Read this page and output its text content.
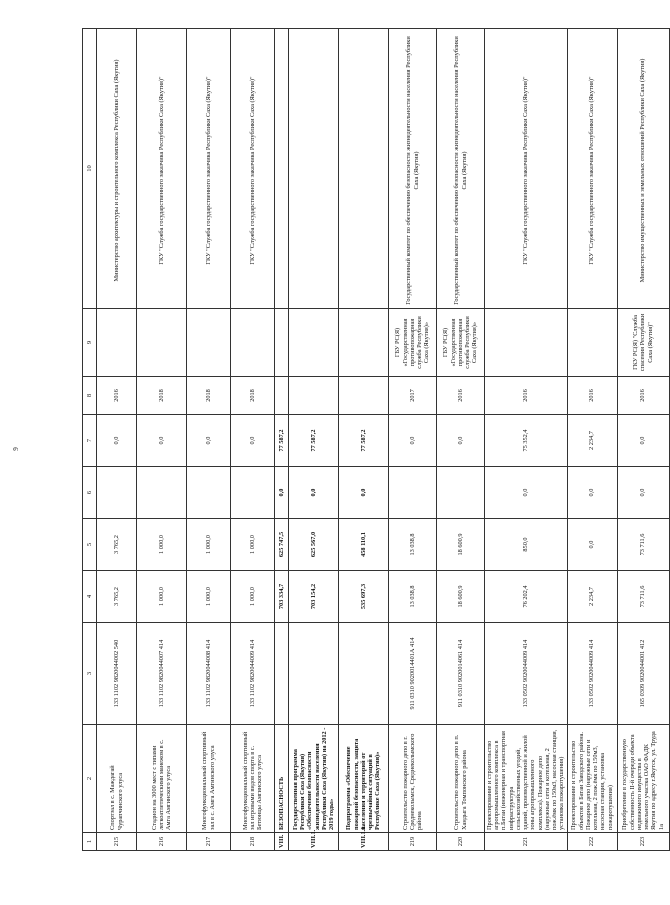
9
1	2	3	4	5	6	7	8	9	10
215	Спортзал в с. Маждагай Чурапчинского улуса	133 1102 9820044002 540	3 765,2	3 765,2		0,0	2016		Министерство архитектуры и строительного комплекса Республики Саха (Якутия)
216	Стадион на 3000 мест с типами легкоатлетическими манежом в с. Амга Амгинского улуса	133 1102 9820044007 414	1 000,0	1 000,0		0,0	2018		ГКУ "Служба государственного заказчика Республики Саха (Якутия)"
217	Многофункциональный спортивный зал в с. Амга Амгинского улуса	133 1102 9820044008 414	1 000,0	1 000,0		0,0	2018		ГКУ "Служба государственного заказчика Республики Саха (Якутия)"
218	Многофункциональный спортивный зал игровыми видов спорта в с. Бетюнцы Амгинского улуса	133 1102 9820044009 414	1 000,0	1 000,0		0,0	2018		ГКУ "Служба государственного заказчика Республики Саха (Якутия)"
VIII.	БЕЗОПАСНОСТЬ		703 334,7	625 747,5	0,0	77 587,2			
VIII.1.	Государственная программа Республики Саха (Якутия) «Обеспечение безопасности жизнедеятельности населения Республики Саха (Якутия) на 2012 - 2019 годы»		703 154,2	625 567,0	0,0	77 587,2			
VIII.1.1.	Подпрограмма «Обеспечение пожарной безопасности, защита населения и территорий от чрезвычайных ситуаций в Республике Саха (Якутия)»		535 697,3	458 110,1	0,0	77 587,2			
219	Строительство пожарного депо в г. Среднеколымск, Среднеколымского района	911 0310 9020014401А 414	13 038,8	13 038,8		0,0	2017	ГБУ РС(Я) «Государственная противопожарная служба Республики Саха (Якутия)»	Государственный комитет по обеспечению безопасности жизнедеятельности населения Республики Саха (Якутия)
220	Строительство пожарного депо в п. Хандыга Томпонского района	911 0310 9020014061 414	18 600,9	18 600,9		0,0	2016	ГБУ РС(Я) «Государственная противопожарная служба Республики Саха (Якутия)»	Государственный комитет по обеспечению безопасности жизнедеятельности населения Республики Саха (Якутия)
221	Проектирование и строительство агропромышленного комплекса в п.Батаи (инженерная и транспортная инфраструктура сельскохозяйственных угодий, зданий, производственной и жилой зоны агропромышленного комплекса). Пожарное депо (наружные сети и котельная, 2 пож.ёмк по 150м3, насосная станция, установка пожаротушения)	133 0502 9020044009 414	76 202,4	850,0	0,0	75 352,4	2016		ГКУ "Служба государственного заказчика Республики Саха (Якутия)"
222	Проектирование и строительство объектов в Батаи Заводского района. Пожарное депо (наружные сети и котельная, 2 пож.ёмк по 150м3, насосная станция, установка пожаротушения)	133 0502 9020044009 414	2 234,7	0,0	0,0	2 234,7	2016		ГКУ "Служба государственного заказчика Республики Саха (Якутия)"
223	Приобретение в государственную собственность II-й очереди объекта недвижимого имущества в земельного участка ОАО ФАДК Якутия по адресу г.Якутск, ул. Труда 1а	165 0309 9020044001 412	73 711,6	73 711,6	0,0	0,0	2016	ГКУ РС(Я) "Служба спасения Республики Саха (Якутия)"	Министерство имущественных и земельных отношений Республики Саха (Якутия)
